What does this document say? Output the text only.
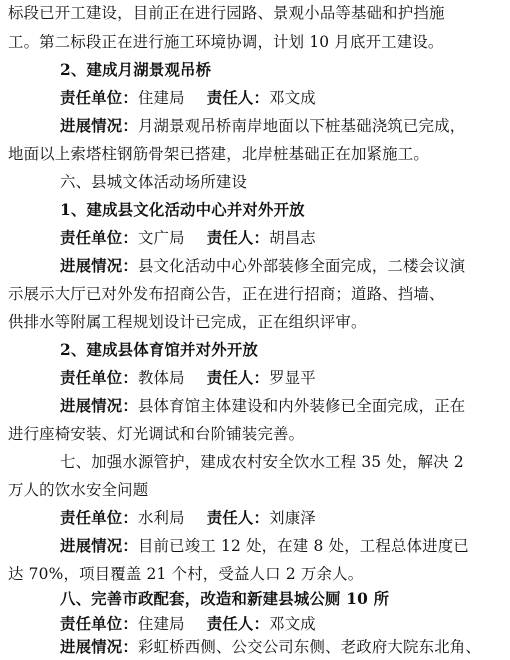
标段已开工建设，目前正在进行园路、景观小品等基础和护挡施
工。第二标段正在进行施工环境协调，计划 10 月底开工建设。
2、建成月湖景观吊桥
责任单位：住建局 责任人：邓文成
进展情况：月湖景观吊桥南岸地面以下桩基础浇筑已完成，
地面以上索塔柱钢筋骨架已搭建，北岸桩基础正在加紧施工。
六、县城文体活动场所建设
1、建成县文化活动中心并对外开放
责任单位：文广局 责任人：胡昌志
进展情况：县文化活动中心外部装修全面完成，二楼会议演
示展示大厅已对外发布招商公告，正在进行招商；道路、挡墙、
供排水等附属工程规划设计已完成，正在组织评审。
2、建成县体育馆并对外开放
责任单位：教体局 责任人：罗显平
进展情况：县体育馆主体建设和内外装修已全面完成，正在
进行座椅安装、灯光调试和台阶铺装完善。
七、加强水源管护，建成农村安全饮水工程 35 处，解决 2
万人的饮水安全问题
责任单位：水利局 责任人：刘康泽
进展情况：目前已竣工 12 处，在建 8 处，工程总体进度已
达 70%，项目覆盖 21 个村，受益人口 2 万余人。
八、完善市政配套，改造和新建县城公厕 10 所
责任单位：住建局 责任人：邓文成
进展情况：彩虹桥西侧、公交公司东侧、老政府大院东北角、
